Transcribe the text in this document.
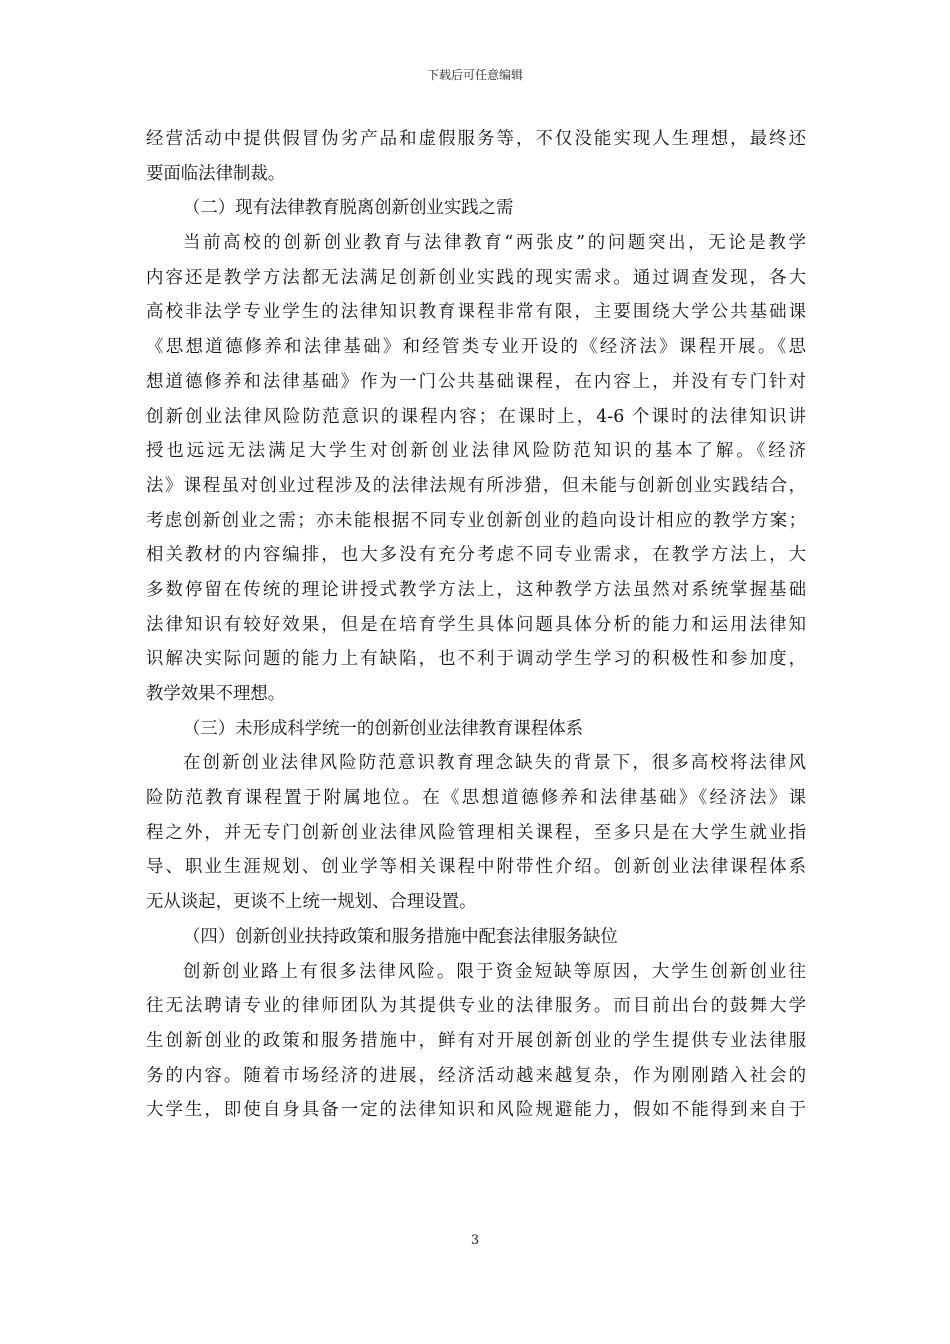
下载后可任意编辑
经营活动中提供假冒伪劣产品和虚假服务等，不仅没能实现人生理想，最终还
要面临法律制裁。
（二）现有法律教育脱离创新创业实践之需
当前高校的创新创业教育与法律教育“两张皮”的问题突出，无论是教学
内容还是教学方法都无法满足创新创业实践的现实需求。通过调查发现，各大
高校非法学专业学生的法律知识教育课程非常有限，主要围绕大学公共基础课
《思想道德修养和法律基础》和经管类专业开设的《经济法》课程开展。《思
想道德修养和法律基础》作为一门公共基础课程，在内容上，并没有专门针对
创新创业法律风险防范意识的课程内容；在课时上，4-6 个课时的法律知识讲
授也远远无法满足大学生对创新创业法律风险防范知识的基本了解。《经济
法》课程虽对创业过程涉及的法律法规有所涉猎，但未能与创新创业实践结合，
考虑创新创业之需；亦未能根据不同专业创新创业的趋向设计相应的教学方案；
相关教材的内容编排，也大多没有充分考虑不同专业需求，在教学方法上，大
多数停留在传统的理论讲授式教学方法上，这种教学方法虽然对系统掌握基础
法律知识有较好效果，但是在培育学生具体问题具体分析的能力和运用法律知
识解决实际问题的能力上有缺陷，也不利于调动学生学习的积极性和参加度，
教学效果不理想。
（三）未形成科学统一的创新创业法律教育课程体系
在创新创业法律风险防范意识教育理念缺失的背景下，很多高校将法律风
险防范教育课程置于附属地位。在《思想道德修养和法律基础》《经济法》课
程之外，并无专门创新创业法律风险管理相关课程，至多只是在大学生就业指
导、职业生涯规划、创业学等相关课程中附带性介绍。创新创业法律课程体系
无从谈起，更谈不上统一规划、合理设置。
（四）创新创业扶持政策和服务措施中配套法律服务缺位
创新创业路上有很多法律风险。限于资金短缺等原因，大学生创新创业往
往无法聘请专业的律师团队为其提供专业的法律服务。而目前出台的鼓舞大学
生创新创业的政策和服务措施中，鲜有对开展创新创业的学生提供专业法律服
务的内容。随着市场经济的进展，经济活动越来越复杂，作为刚刚踏入社会的
大学生，即使自身具备一定的法律知识和风险规避能力，假如不能得到来自于
3
